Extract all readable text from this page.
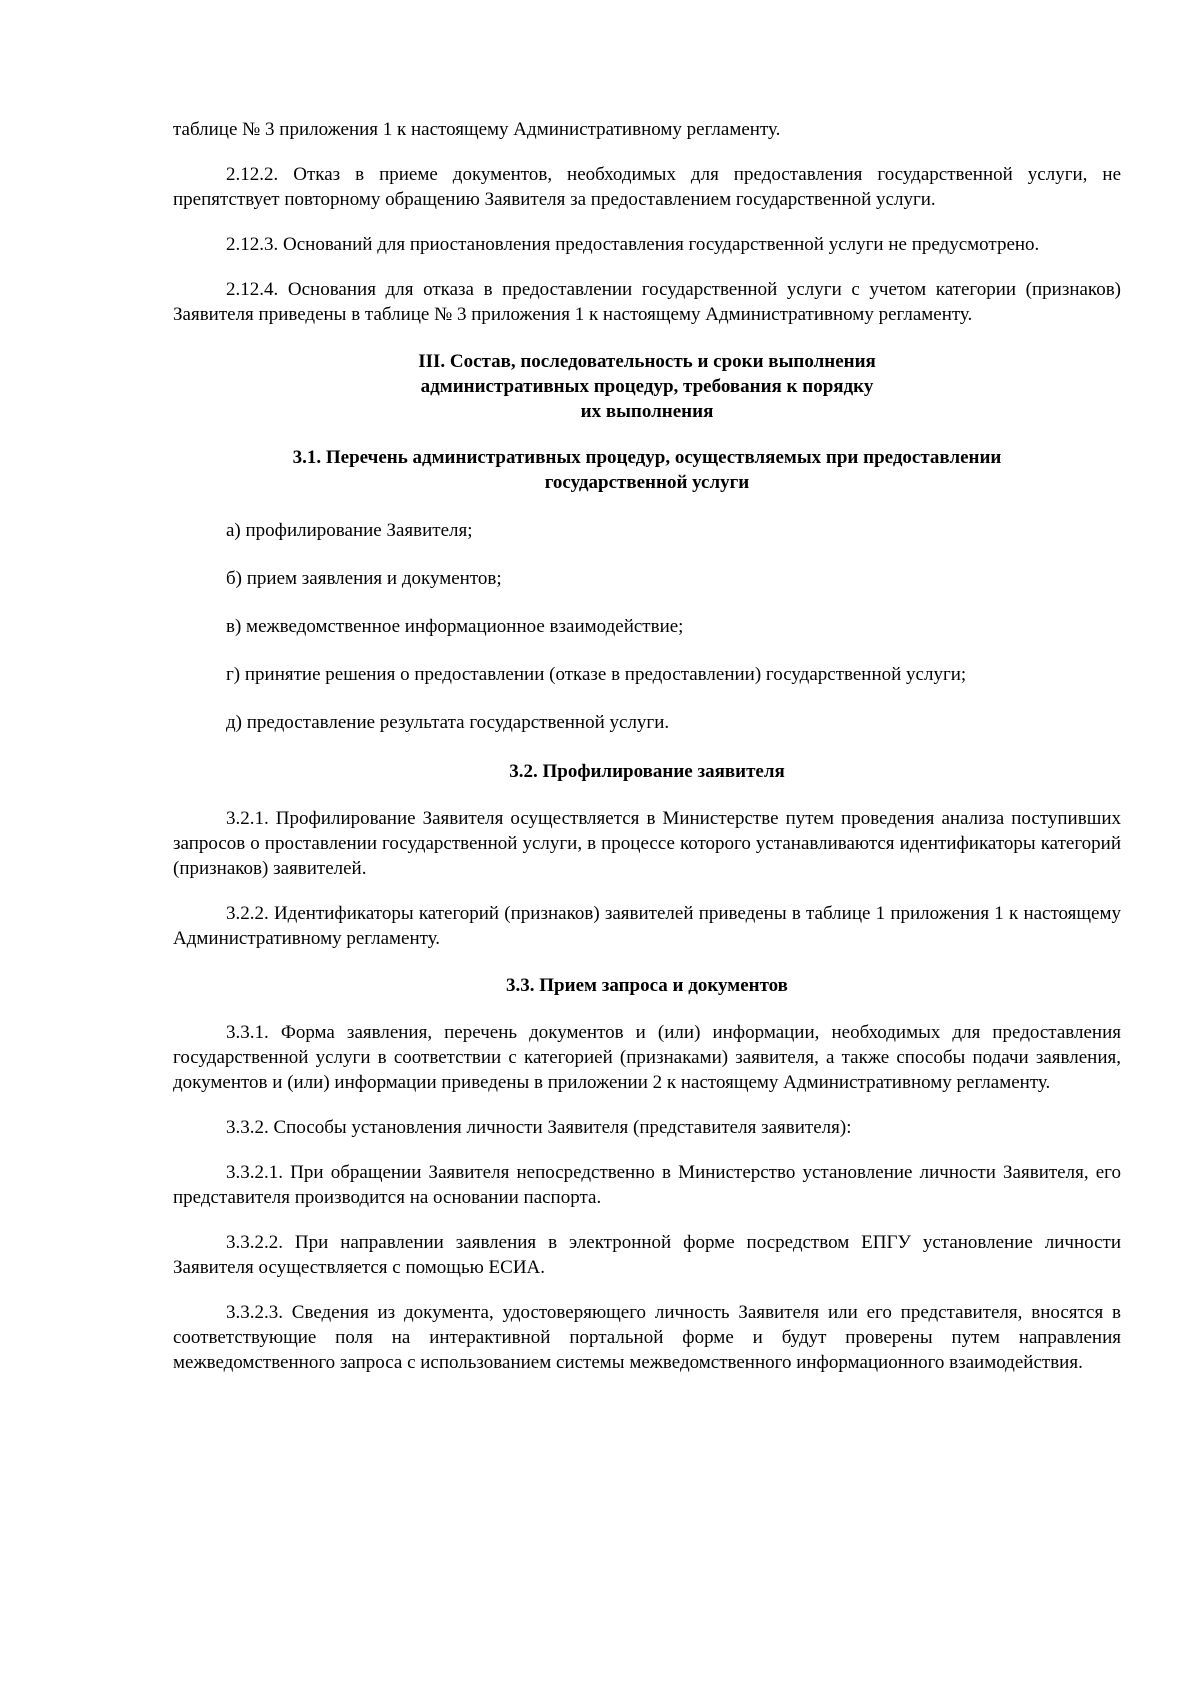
таблице № 3 приложения 1 к настоящему Административному регламенту.

2.12.2. Отказ в приеме документов, необходимых для предоставления государственной услуги, не препятствует повторному обращению Заявителя за предоставлением государственной услуги.

2.12.3. Оснований для приостановления предоставления государственной услуги не предусмотрено.

2.12.4. Основания для отказа в предоставлении государственной услуги с учетом категории (признаков) Заявителя приведены в таблице № 3 приложения 1 к настоящему Административному регламенту.

III. Состав, последовательность и сроки выполнения
административных процедур, требования к порядку
их выполнения
3.1. Перечень административных процедур, осуществляемых при предоставлении
государственной услуги

а) профилирование Заявителя;

б) прием заявления и документов;

в) межведомственное информационное взаимодействие;

г) принятие решения о предоставлении (отказе в предоставлении) государственной услуги;

д) предоставление результата государственной услуги.

3.2. Профилирование заявителя

3.2.1. Профилирование Заявителя осуществляется в Министерстве путем проведения анализа поступивших запросов о проставлении государственной услуги, в процессе которого устанавливаются идентификаторы категорий (признаков) заявителей.

3.2.2. Идентификаторы категорий (признаков) заявителей приведены в таблице 1 приложения 1 к настоящему Административному регламенту.

3.3. Прием запроса и документов

3.3.1. Форма заявления, перечень документов и (или) информации, необходимых для предоставления государственной услуги в соответствии с категорией (признаками) заявителя, а также способы подачи заявления, документов и (или) информации приведены в приложении 2 к настоящему Административному регламенту.

3.3.2. Способы установления личности Заявителя (представителя заявителя):

3.3.2.1. При обращении Заявителя непосредственно в Министерство установление личности Заявителя, его представителя производится на основании паспорта.

3.3.2.2. При направлении заявления в электронной форме посредством ЕПГУ установление личности Заявителя осуществляется с помощью ЕСИА.

3.3.2.3. Сведения из документа, удостоверяющего личность Заявителя или его представителя, вносятся в соответствующие поля на интерактивной портальной форме и будут проверены путем направления межведомственного запроса с использованием системы межведомственного информационного взаимодействия.
